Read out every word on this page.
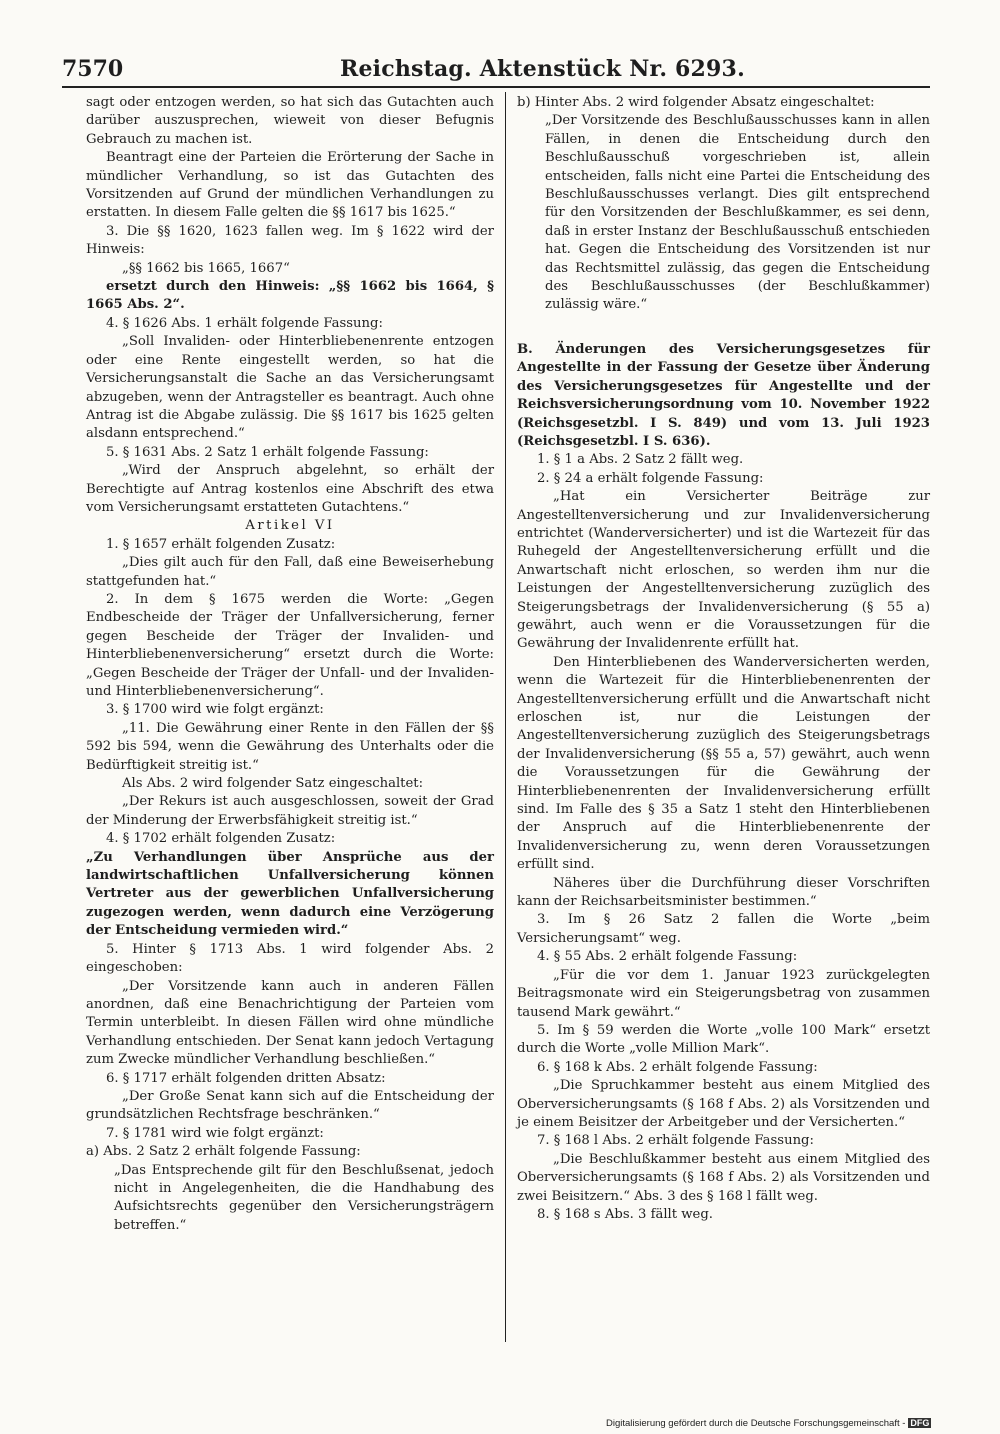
7570	Reichstag. Aktenstück Nr. 6293.

sagt oder entzogen werden, so hat sich das Gutachten auch darüber auszusprechen, wieweit von dieser Befugnis Gebrauch zu machen ist.

Beantragt eine der Parteien die Erörterung der Sache in mündlicher Verhandlung, so ist das Gutachten des Vorsitzenden auf Grund der mündlichen Verhandlungen zu erstatten. In diesem Falle gelten die §§ 1617 bis 1625.“

3. Die §§ 1620, 1623 fallen weg. Im § 1622 wird der Hinweis:

„§§ 1662 bis 1665, 1667“

ersetzt durch den Hinweis: „§§ 1662 bis 1664, § 1665 Abs. 2“.

4. § 1626 Abs. 1 erhält folgende Fassung:

„Soll Invaliden- oder Hinterbliebenenrente entzogen oder eine Rente eingestellt werden, so hat die Versicherungsanstalt die Sache an das Versicherungsamt abzugeben, wenn der Antragsteller es beantragt. Auch ohne Antrag ist die Abgabe zulässig. Die §§ 1617 bis 1625 gelten alsdann entsprechend.“

5. § 1631 Abs. 2 Satz 1 erhält folgende Fassung:

„Wird der Anspruch abgelehnt, so erhält der Berechtigte auf Antrag kostenlos eine Abschrift des etwa vom Versicherungsamt erstatteten Gutachtens.“

Artikel VI

1. § 1657 erhält folgenden Zusatz:

„Dies gilt auch für den Fall, daß eine Beweiserhebung stattgefunden hat.“

2. In dem § 1675 werden die Worte: „Gegen Endbescheide der Träger der Unfallversicherung, ferner gegen Bescheide der Träger der Invaliden- und Hinterbliebenenversicherung“ ersetzt durch die Worte: „Gegen Bescheide der Träger der Unfall- und der Invaliden- und Hinterbliebenenversicherung“.

3. § 1700 wird wie folgt ergänzt:

„11. Die Gewährung einer Rente in den Fällen der §§ 592 bis 594, wenn die Gewährung des Unterhalts oder die Bedürftigkeit streitig ist.“

Als Abs. 2 wird folgender Satz eingeschaltet:

„Der Rekurs ist auch ausgeschlossen, soweit der Grad der Minderung der Erwerbsfähigkeit streitig ist.“

4. § 1702 erhält folgenden Zusatz:

„Zu Verhandlungen über Ansprüche aus der landwirtschaftlichen Unfallversicherung können Vertreter aus der gewerblichen Unfallversicherung zugezogen werden, wenn dadurch eine Verzögerung der Entscheidung vermieden wird.“

5. Hinter § 1713 Abs. 1 wird folgender Abs. 2 eingeschoben:

„Der Vorsitzende kann auch in anderen Fällen anordnen, daß eine Benachrichtigung der Parteien vom Termin unterbleibt. In diesen Fällen wird ohne mündliche Verhandlung entschieden. Der Senat kann jedoch Vertagung zum Zwecke mündlicher Verhandlung beschließen.“

6. § 1717 erhält folgenden dritten Absatz:

„Der Große Senat kann sich auf die Entscheidung der grundsätzlichen Rechtsfrage beschränken.“

7. § 1781 wird wie folgt ergänzt:

a) Abs. 2 Satz 2 erhält folgende Fassung:

„Das Entsprechende gilt für den Beschlußsenat, jedoch nicht in Angelegenheiten, die die Handhabung des Aufsichtsrechts gegenüber den Versicherungsträgern betreffen.“

b) Hinter Abs. 2 wird folgender Absatz eingeschaltet:

„Der Vorsitzende des Beschlußausschusses kann in allen Fällen, in denen die Entscheidung durch den Beschlußausschuß vorgeschrieben ist, allein entscheiden, falls nicht eine Partei die Entscheidung des Beschlußausschusses verlangt. Dies gilt entsprechend für den Vorsitzenden der Beschlußkammer, es sei denn, daß in erster Instanz der Beschlußausschuß entschieden hat. Gegen die Entscheidung des Vorsitzenden ist nur das Rechtsmittel zulässig, das gegen die Entscheidung des Beschlußausschusses (der Beschlußkammer) zulässig wäre.“

B. Änderungen des Versicherungsgesetzes für Angestellte in der Fassung der Gesetze über Änderung des Versicherungsgesetzes für Angestellte und der Reichsversicherungsordnung vom 10. November 1922 (Reichsgesetzbl. I S. 849) und vom 13. Juli 1923 (Reichsgesetzbl. I S. 636).

1. § 1 a Abs. 2 Satz 2 fällt weg.

2. § 24 a erhält folgende Fassung:

„Hat ein Versicherter Beiträge zur Angestelltenversicherung und zur Invalidenversicherung entrichtet (Wanderversicherter) und ist die Wartezeit für das Ruhegeld der Angestelltenversicherung erfüllt und die Anwartschaft nicht erloschen, so werden ihm nur die Leistungen der Angestelltenversicherung zuzüglich des Steigerungsbetrags der Invalidenversicherung (§ 55 a) gewährt, auch wenn er die Voraussetzungen für die Gewährung der Invalidenrente erfüllt hat.

Den Hinterbliebenen des Wanderversicherten werden, wenn die Wartezeit für die Hinterbliebenenrenten der Angestelltenversicherung erfüllt und die Anwartschaft nicht erloschen ist, nur die Leistungen der Angestelltenversicherung zuzüglich des Steigerungsbetrags der Invalidenversicherung (§§ 55 a, 57) gewährt, auch wenn die Voraussetzungen für die Gewährung der Hinterbliebenenrenten der Invalidenversicherung erfüllt sind. Im Falle des § 35 a Satz 1 steht den Hinterbliebenen der Anspruch auf die Hinterbliebenenrente der Invalidenversicherung zu, wenn deren Voraussetzungen erfüllt sind.

Näheres über die Durchführung dieser Vorschriften kann der Reichsarbeitsminister bestimmen.“

3. Im § 26 Satz 2 fallen die Worte „beim Versicherungsamt“ weg.

4. § 55 Abs. 2 erhält folgende Fassung:

„Für die vor dem 1. Januar 1923 zurückgelegten Beitragsmonate wird ein Steigerungsbetrag von zusammen tausend Mark gewährt.“

5. Im § 59 werden die Worte „volle 100 Mark“ ersetzt durch die Worte „volle Million Mark“.

6. § 168 k Abs. 2 erhält folgende Fassung:

„Die Spruchkammer besteht aus einem Mitglied des Oberversicherungsamts (§ 168 f Abs. 2) als Vorsitzenden und je einem Beisitzer der Arbeitgeber und der Versicherten.“

7. § 168 l Abs. 2 erhält folgende Fassung:

„Die Beschlußkammer besteht aus einem Mitglied des Oberversicherungsamts (§ 168 f Abs. 2) als Vorsitzenden und zwei Beisitzern.“ Abs. 3 des § 168 l fällt weg.

8. § 168 s Abs. 3 fällt weg.

Digitalisierung gefördert durch die Deutsche Forschungsgemeinschaft - DFG
